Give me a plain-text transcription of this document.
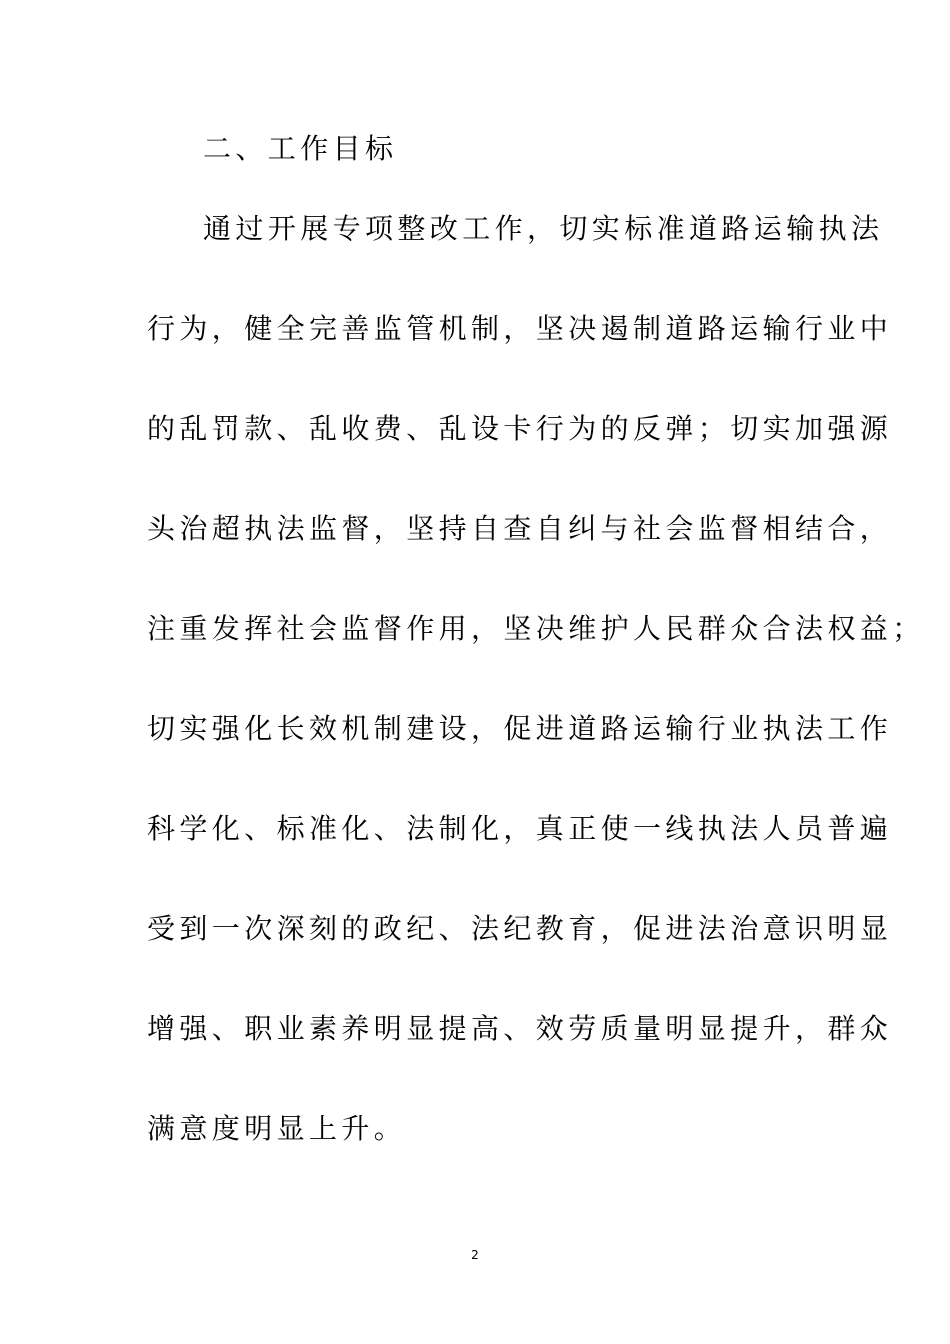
二、工作目标
通过开展专项整改工作，切实标准道路运输执法
行为，健全完善监管机制，坚决遏制道路运输行业中
的乱罚款、乱收费、乱设卡行为的反弹；切实加强源
头治超执法监督，坚持自查自纠与社会监督相结合，
注重发挥社会监督作用，坚决维护人民群众合法权益；
切实强化长效机制建设，促进道路运输行业执法工作
科学化、标准化、法制化，真正使一线执法人员普遍
受到一次深刻的政纪、法纪教育，促进法治意识明显
增强、职业素养明显提高、效劳质量明显提升，群众
满意度明显上升。
2
